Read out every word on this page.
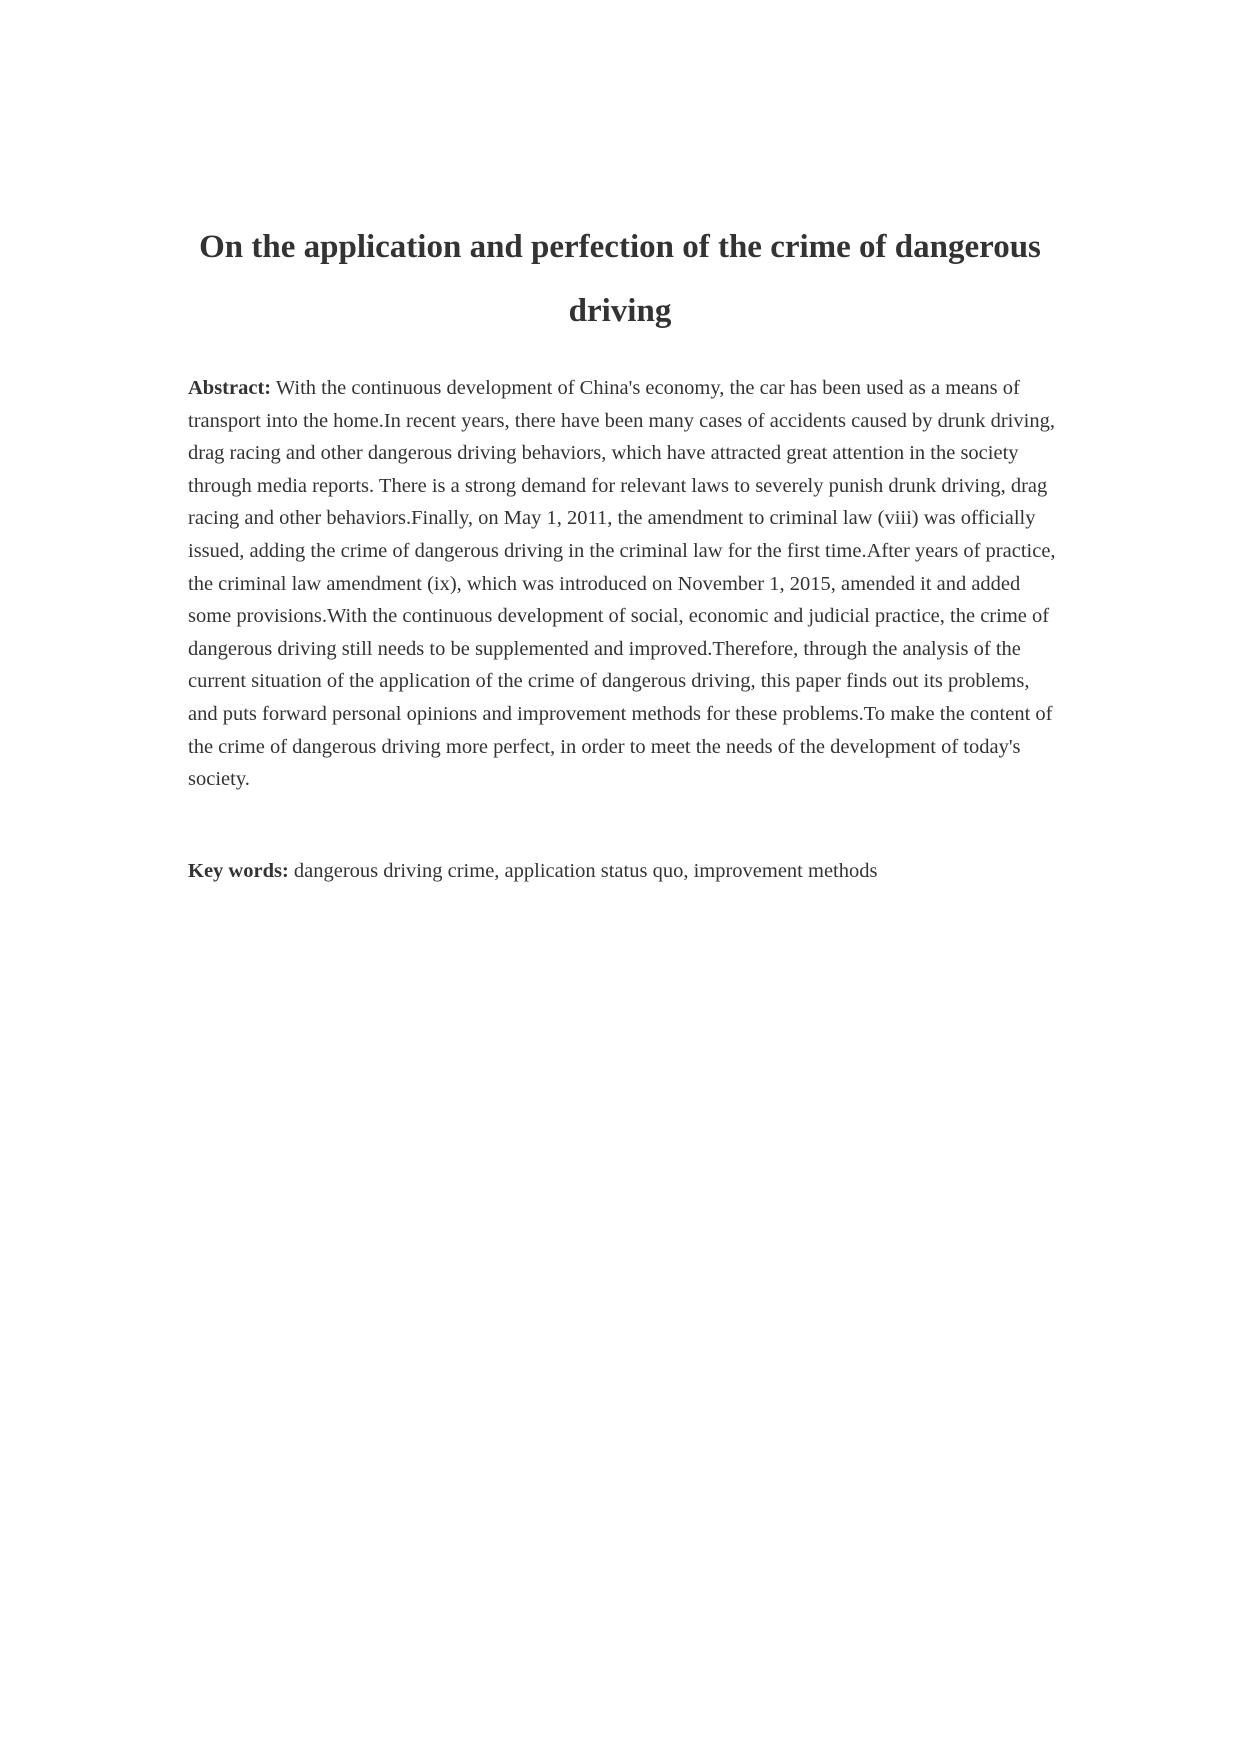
On the application and perfection of the crime of dangerous driving

Abstract: With the continuous development of China's economy, the car has been used as a means of transport into the home.In recent years, there have been many cases of accidents caused by drunk driving, drag racing and other dangerous driving behaviors, which have attracted great attention in the society through media reports. There is a strong demand for relevant laws to severely punish drunk driving, drag racing and other behaviors.Finally, on May 1, 2011, the amendment to criminal law (viii) was officially issued, adding the crime of dangerous driving in the criminal law for the first time.After years of practice, the criminal law amendment (ix), which was introduced on November 1, 2015, amended it and added some provisions.With the continuous development of social, economic and judicial practice, the crime of dangerous driving still needs to be supplemented and improved.Therefore, through the analysis of the current situation of the application of the crime of dangerous driving, this paper finds out its problems, and puts forward personal opinions and improvement methods for these problems.To make the content of the crime of dangerous driving more perfect, in order to meet the needs of the development of today's society.

Key words: dangerous driving crime, application status quo, improvement methods
